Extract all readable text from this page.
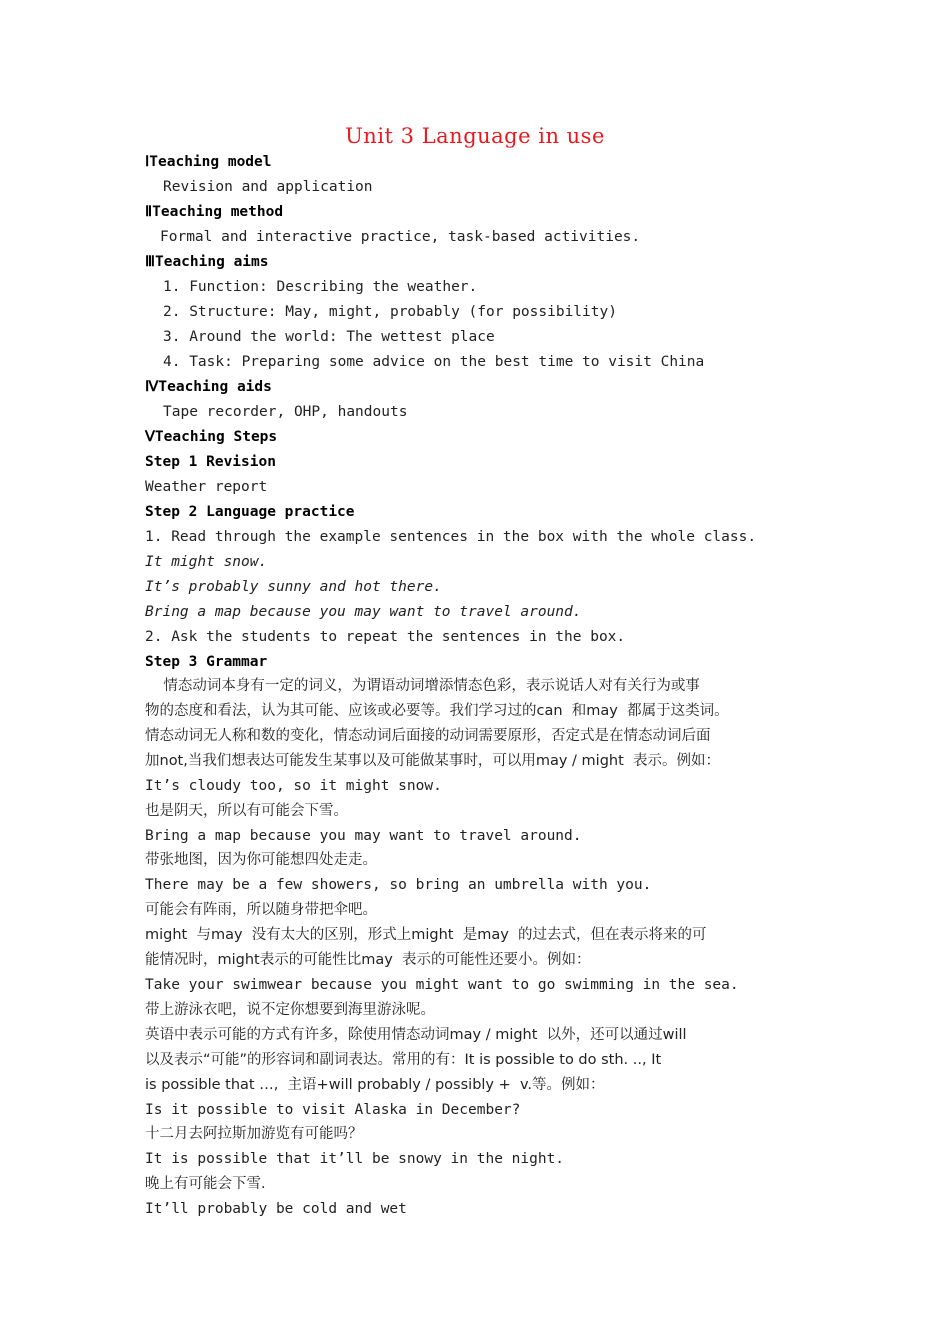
Unit 3 Language in use
ⅠTeaching model
Revision and application
ⅡTeaching method
Formal and interactive practice, task-based activities.
ⅢTeaching aims
1. Function: Describing the weather.
2. Structure: May, might, probably (for possibility)
3. Around the world: The wettest place
4. Task: Preparing some advice on the best time to visit China
ⅣTeaching aids
Tape recorder, OHP, handouts
ⅤTeaching Steps
Step 1 Revision
Weather report
Step 2 Language practice
1. Read through the example sentences in the box with the whole class.
It might snow.
It’s probably sunny and hot there.
Bring a map because you may want to travel around.
2. Ask the students to repeat the sentences in the box.
Step 3 Grammar
情态动词本身有一定的词义，为谓语动词增添情态色彩，表示说话人对有关行为或事
物的态度和看法，认为其可能、应该或必要等。我们学习过的can  和may  都属于这类词。
情态动词无人称和数的变化，情态动词后面接的动词需要原形，否定式是在情态动词后面
加not,当我们想表达可能发生某事以及可能做某事时，可以用may / might  表示。例如：
It’s cloudy too, so it might snow.
也是阴天，所以有可能会下雪。
Bring a map because you may want to travel around.
带张地图，因为你可能想四处走走。
There may be a few showers, so bring an umbrella with you.
可能会有阵雨，所以随身带把伞吧。
might  与may  没有太大的区别，形式上might  是may  的过去式，但在表示将来的可
能情况时，might表示的可能性比may  表示的可能性还要小。例如：
Take your swimwear because you might want to go swimming in the sea.
带上游泳衣吧，说不定你想要到海里游泳呢。
英语中表示可能的方式有许多，除使用情态动词may / might  以外，还可以通过will
以及表示“可能”的形容词和副词表达。常用的有：It is possible to do sth. .., It
is possible that …,  主语+will probably / possibly +  v.等。例如：
Is it possible to visit Alaska in December?
十二月去阿拉斯加游览有可能吗？
It is possible that it’ll be snowy in the night.
晚上有可能会下雪.
It’ll probably be cold and wet
